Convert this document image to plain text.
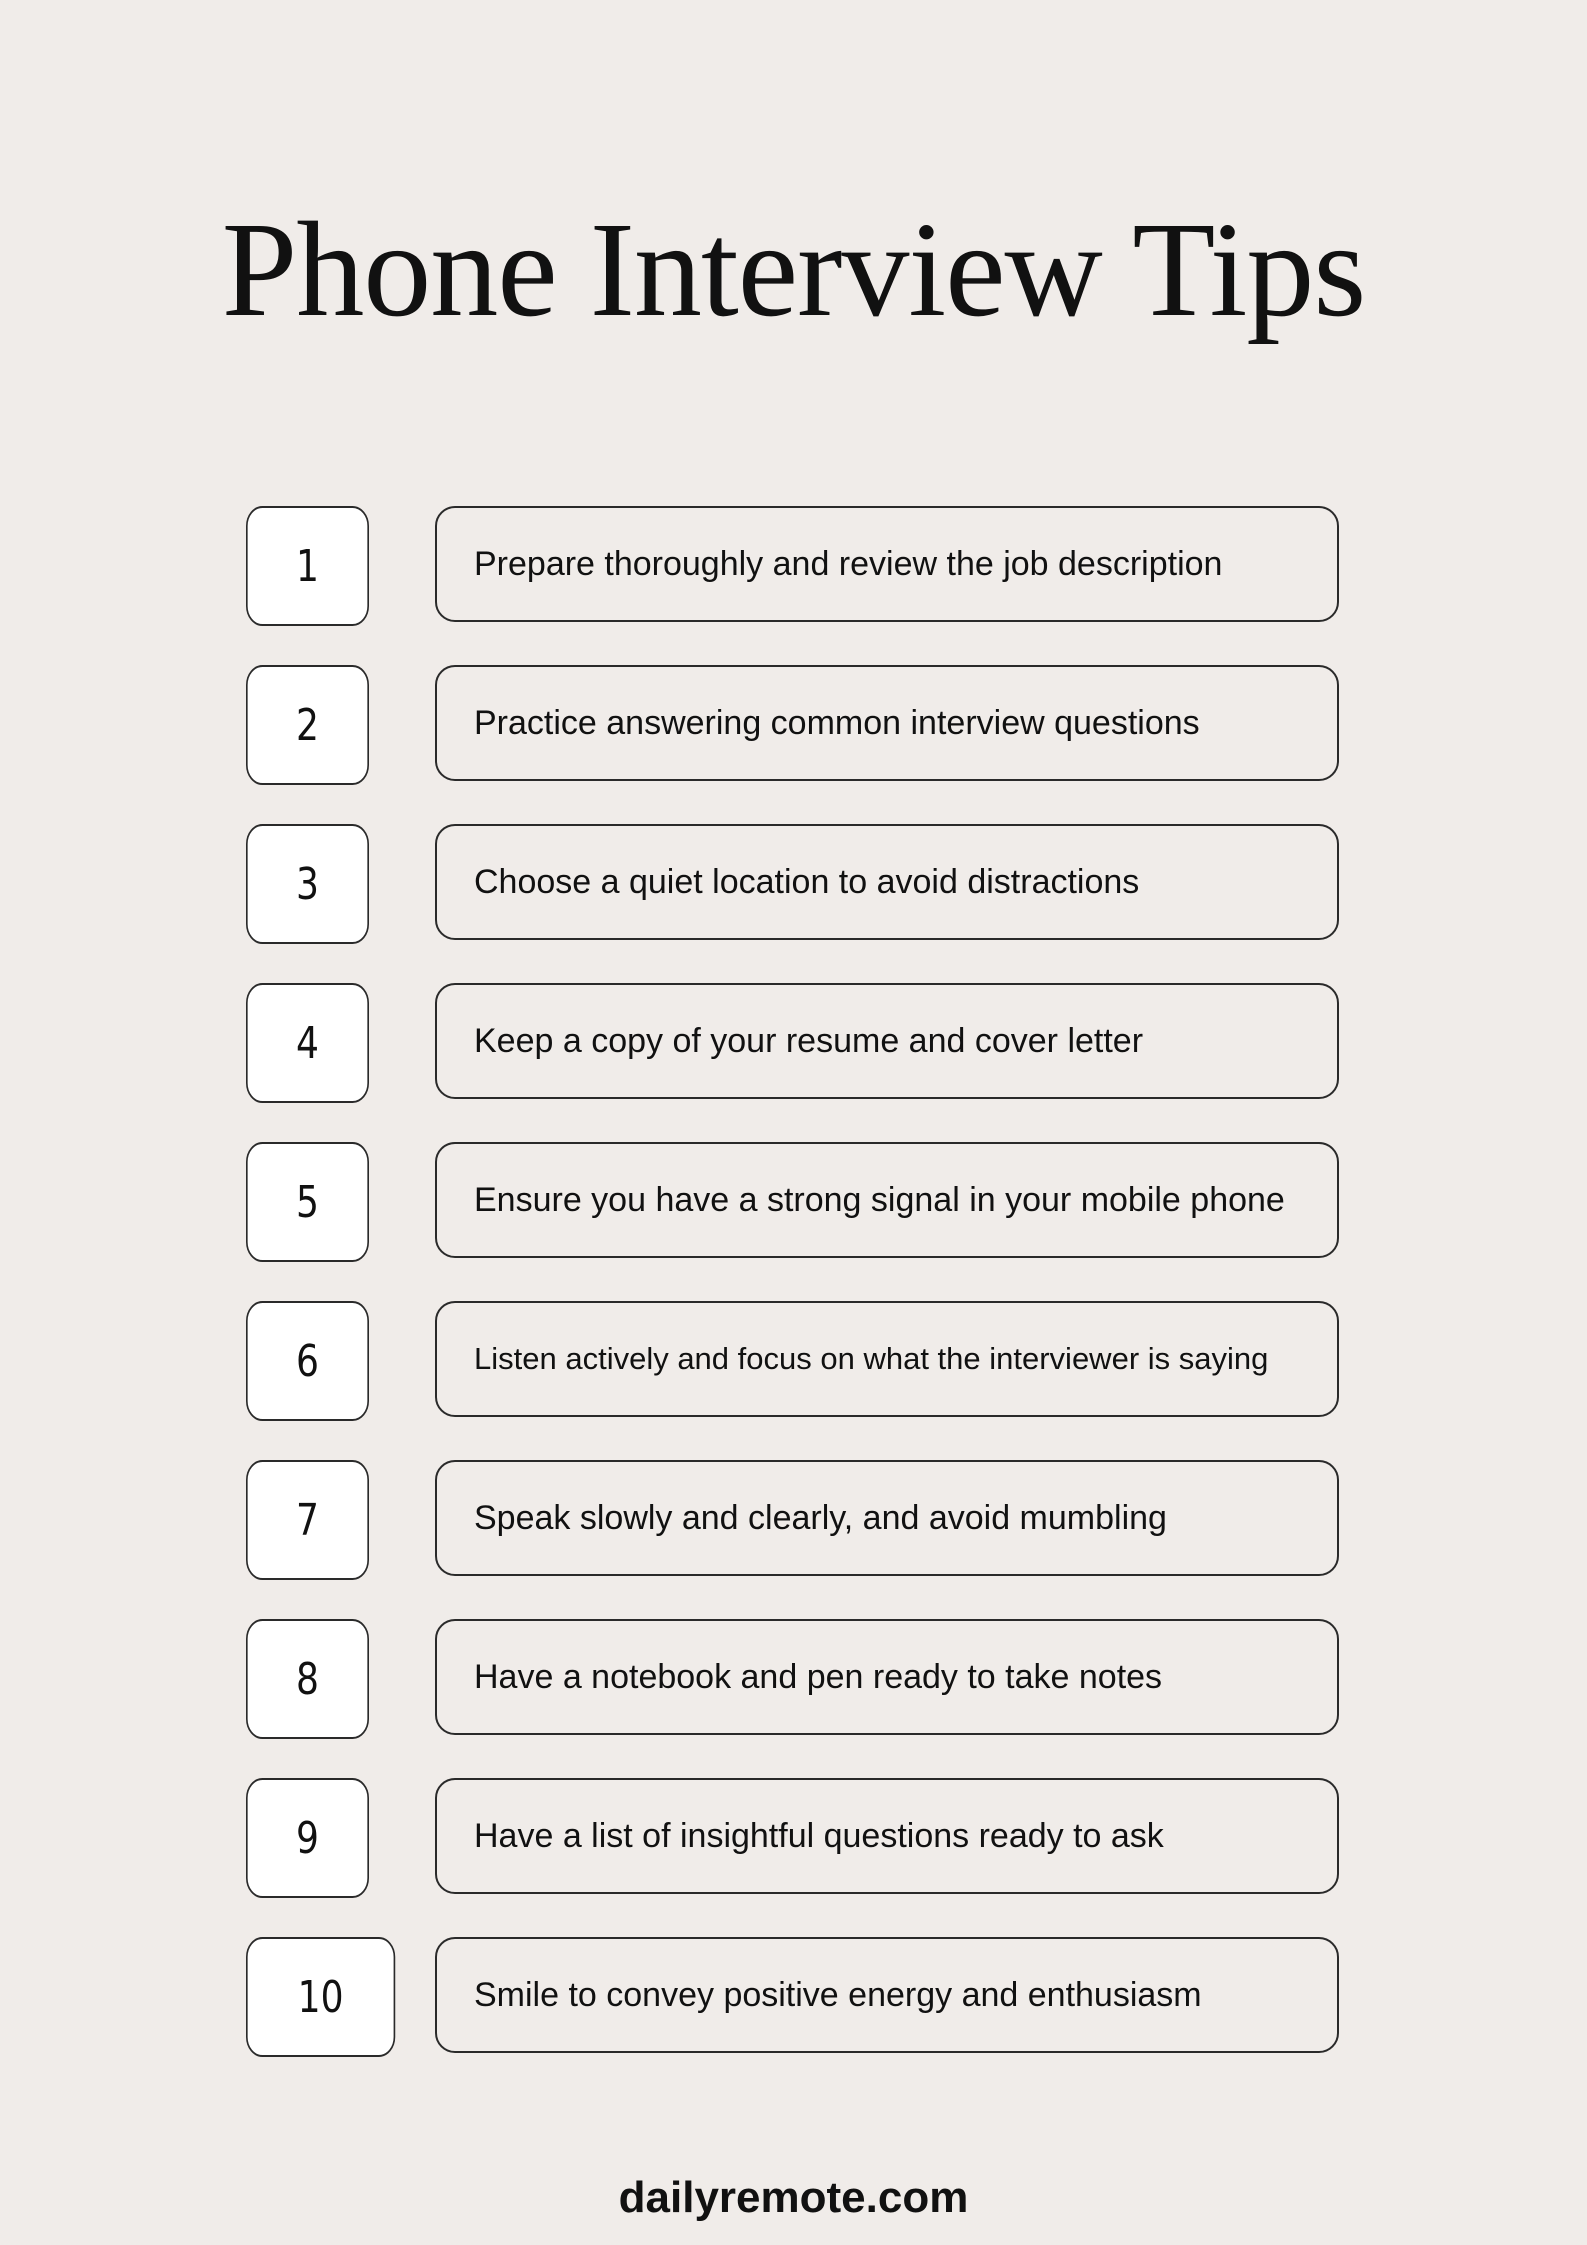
Phone Interview Tips
1	Prepare thoroughly and review the job description
2	Practice answering common interview questions
3	Choose a quiet location to avoid distractions
4	Keep a copy of your resume and cover letter
5	Ensure you have a strong signal in your mobile phone
6	Listen actively and focus on what the interviewer is saying
7	Speak slowly and clearly, and avoid mumbling
8	Have a notebook and pen ready to take notes
9	Have a list of insightful questions ready to ask
10	Smile to convey positive energy and enthusiasm
dailyremote.com
